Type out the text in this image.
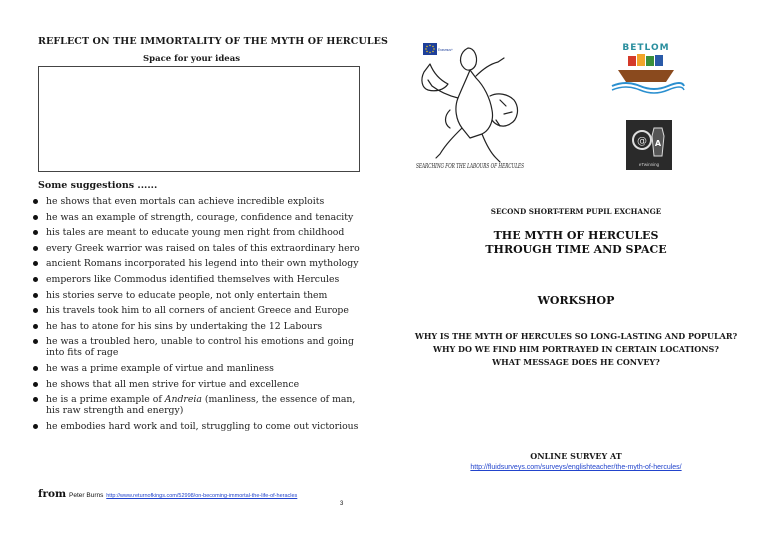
REFLECT ON THE IMMORTALITY OF THE MYTH OF HERCULES
Space for your ideas
Some suggestions ......
he shows that even mortals can achieve incredible exploits
he was an example of strength, courage, confidence and tenacity
his tales are meant to educate young men right from childhood
every Greek warrior was raised on tales of this extraordinary hero
ancient Romans incorporated his legend into their own mythology
emperors like Commodus identified themselves with Hercules
his stories serve to educate people, not only entertain them
his travels took him to all corners of ancient Greece and Europe
he has to atone for his sins by undertaking the 12 Labours
he was a troubled hero, unable to control his emotions and going into fits of rage
he was a prime example of virtue and manliness
he shows that all men strive for virtue and excellence
he is a prime example of Andreia (manliness, the essence of man, his raw strength and energy)
he embodies hard work and toil, struggling to come out victorious
from Peter Burns http://www.returnofkings.com/52998/on-becoming-immortal-the-life-of-heracles
3
Erasmus+
SEARCHING FOR THE LABOURS OF HERCULES
BETLOM
@ A
eTwinning
SECOND SHORT-TERM PUPIL EXCHANGE
THE MYTH OF HERCULES
THROUGH TIME AND SPACE
WORKSHOP
WHY IS THE MYTH OF HERCULES SO LONG-LASTING AND POPULAR?
WHY DO WE FIND HIM PORTRAYED IN CERTAIN LOCATIONS?
WHAT MESSAGE DOES HE CONVEY?
ONLINE SURVEY AT
http://fluidsurveys.com/surveys/englishteacher/the-myth-of-hercules/
